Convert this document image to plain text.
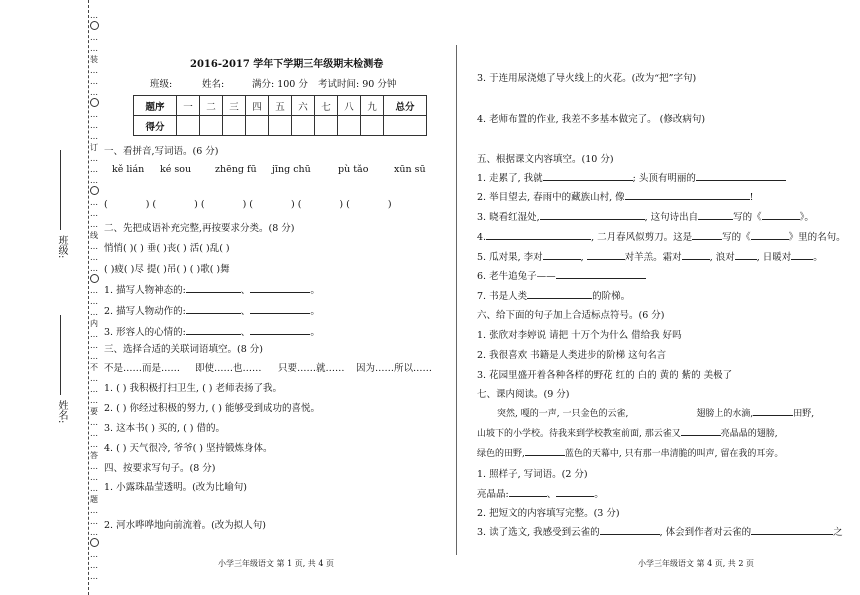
…
…
…
装
…
…
…
…
…
…
订
…
…
…
…
…
…
线
…
…
…
…
…
…
内
…
…
…
不
…
…
…
要
…
…
…
答
…
…
…
题
…
…
…
…
…
…
班级:
姓名:
2016-2017 学年下学期三年级期末检测卷
班级:	姓名:	满分: 100 分 考试时间: 90 分钟
题序	一	二	三	四	五	六	七	八	九	总分
得分										
一、看拼音,写词语。(6 分)
kě lián ké sou	zhēng fū jīng chū	pù tǎo	xūn sū
(    ) (    ) (    ) (    ) (    ) (    )
二、先把成语补充完整,再按要求分类。(8 分)
悄悄( )( ) 垂( )丧( ) 活( )乱( )
( )疲( )尽 提( )吊( ) ( )歌( )舞
1. 描写人物神态的:	、	。
2. 描写人物动作的:	、	。
3. 形容人的心情的:	、	。
三、选择合适的关联词语填空。(8 分)
不是……而是…… 即使……也…… 只要……就…… 因为……所以……
1. ( ) 我积极打扫卫生, ( ) 老师表扬了我。
2. ( ) 你经过积极的努力, ( ) 能够受到成功的喜悦。
3. 这本书( ) 买的, ( ) 借的。
4. ( ) 天气很冷, 爷爷( ) 坚持锻炼身体。
四、按要求写句子。(8 分)
1. 小露珠晶莹透明。(改为比喻句)
2. 河水哗哗地向前流着。(改为拟人句)
小学三年级语文 第 1 页, 共 4 页
3. 于连用尿浇熄了导火线上的火花。(改为“把”字句)
4. 老师布置的作业, 我差不多基本做完了。 (修改病句)
五、根据课文内容填空。(10 分)
1. 走累了, 我就	; 头顶有明丽的
2. 举目望去, 春雨中的藏族山村, 像	!
3. 晓看红湿处,	, 这句诗出自	写的《	》。
4.	, 二月春风似剪刀。这是	写的《	》里的名句。
5. 瓜对果, 李对	,	对羊羔。霜对	, 浪对 , 日暖对 。
6. 老牛追兔子——
7. 书是人类	的阶梯。
六、给下面的句子加上合适标点符号。(6 分)
1. 张欣对李婷说 请把 十万个为什么 借给我 好吗
2. 我很喜欢 书籍是人类进步的阶梯 这句名言
3. 花园里盛开着各种各样的野花 红的 白的 黄的 紫的 美极了
七、课内阅读。(9 分)
突然, 嘎的一声, 一只金色的云雀,	翅膀上的水滴,	田野,
山坡下的小学校。待我来到学校教室前面, 那云雀又	亮晶晶的翅膀,
绿色的田野,	蓝色的天幕中, 只有那一串清脆的叫声, 留在我的耳旁。
1. 照样子, 写词语。(2 分)
亮晶晶:	、	。
2. 把短文的内容填写完整。(3 分)
3. 读了选文, 我感受到云雀的	, 体会到作者对云雀的	之
小学三年级语文 第 4 页, 共 2 页
